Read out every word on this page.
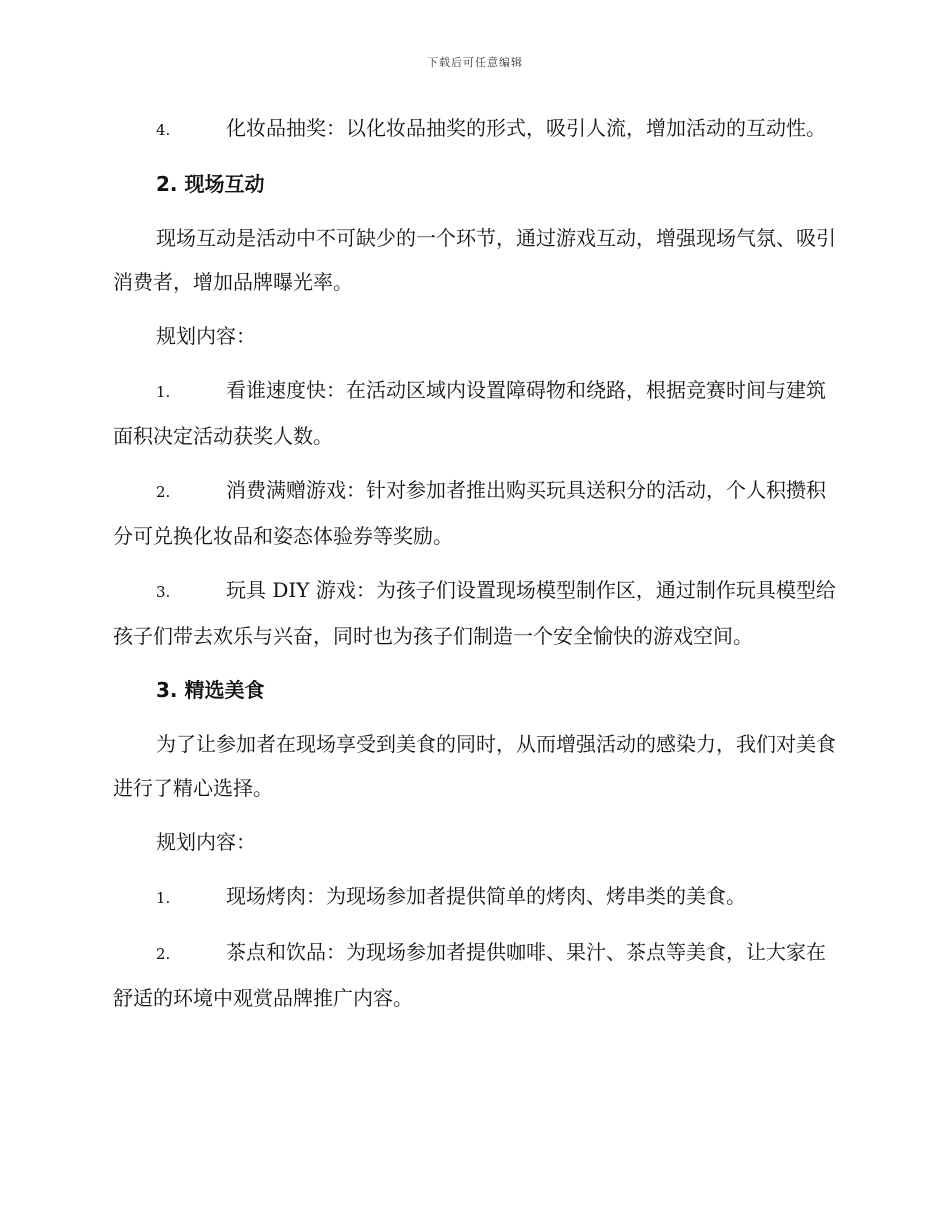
下载后可任意编辑

4.	化妆品抽奖：以化妆品抽奖的形式，吸引人流，增加活动的互动性。

2. 现场互动

现场互动是活动中不可缺少的一个环节，通过游戏互动，增强现场气氛、吸引消费者，增加品牌曝光率。

规划内容：

1.	看谁速度快：在活动区域内设置障碍物和绕路，根据竞赛时间与建筑面积决定活动获奖人数。

2.	消费满赠游戏：针对参加者推出购买玩具送积分的活动，个人积攒积分可兑换化妆品和姿态体验券等奖励。

3.	玩具 DIY 游戏：为孩子们设置现场模型制作区，通过制作玩具模型给孩子们带去欢乐与兴奋，同时也为孩子们制造一个安全愉快的游戏空间。

3. 精选美食

为了让参加者在现场享受到美食的同时，从而增强活动的感染力，我们对美食进行了精心选择。

规划内容：

1.	现场烤肉：为现场参加者提供简单的烤肉、烤串类的美食。

2.	茶点和饮品：为现场参加者提供咖啡、果汁、茶点等美食，让大家在舒适的环境中观赏品牌推广内容。
